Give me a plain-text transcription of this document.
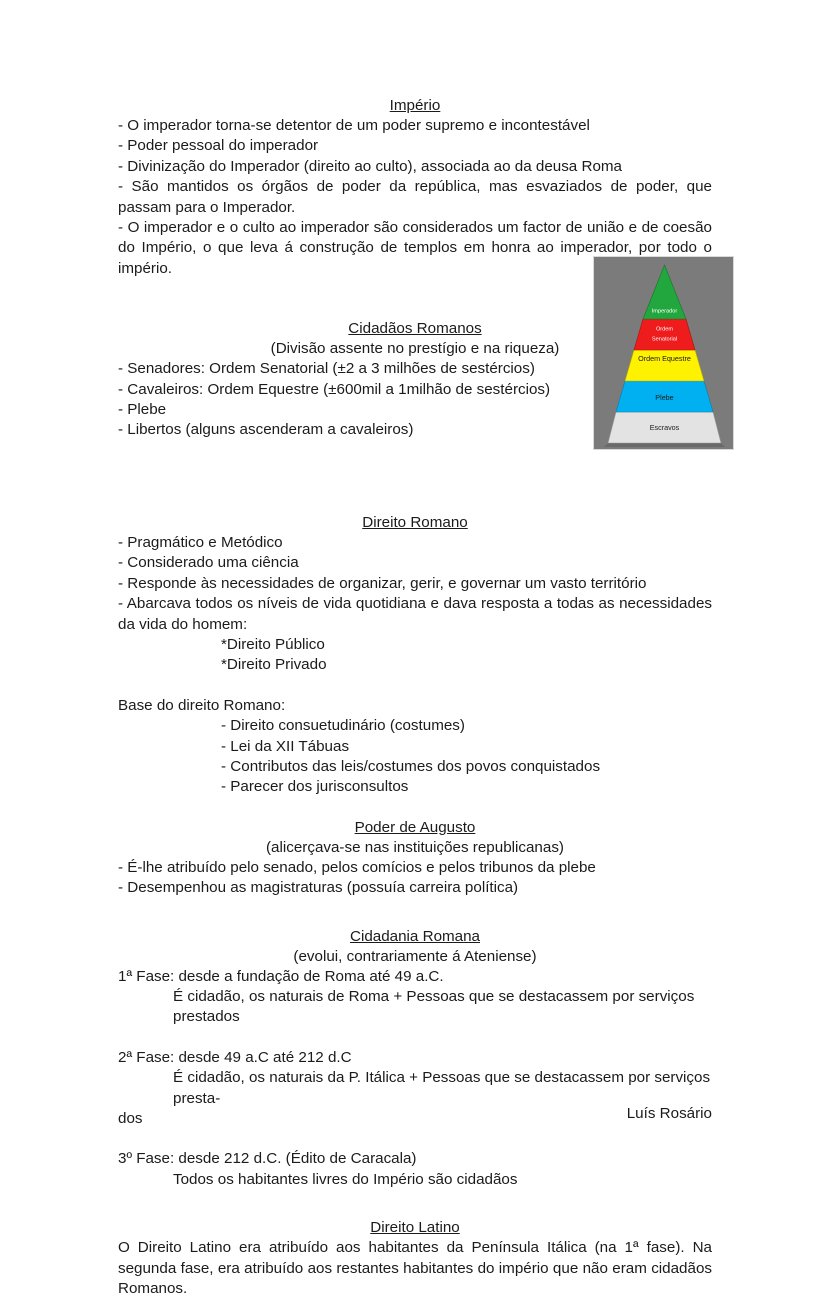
Império

- O imperador torna-se detentor de um poder supremo e incontestável

- Poder pessoal do imperador

- Divinização do Imperador (direito ao culto), associada ao da deusa Roma

- São mantidos os órgãos de poder da república, mas esvaziados de poder, que passam para o Imperador.

- O imperador e o culto ao imperador são considerados um factor de união e de coesão do Império, o que leva á construção de templos em honra ao imperador, por todo o império.

Cidadãos Romanos

(Divisão assente no prestígio e na riqueza)

- Senadores: Ordem Senatorial (±2 a 3 milhões de sestércios)

- Cavaleiros: Ordem Equestre (±600mil a 1milhão de sestércios)

- Plebe

- Libertos (alguns ascenderam a cavaleiros)

Direito Romano

- Pragmático e Metódico

- Considerado uma ciência

- Responde às necessidades de organizar, gerir, e governar um vasto território

- Abarcava todos os níveis de vida quotidiana e dava resposta a todas as necessidades da vida do homem:

*Direito Público

*Direito Privado

Base do direito Romano:

- Direito consuetudinário (costumes)

- Lei da XII Tábuas

- Contributos das leis/costumes dos povos conquistados

- Parecer dos jurisconsultos

Poder de Augusto

(alicerçava-se nas instituições republicanas)

- É-lhe atribuído pelo senado, pelos comícios e pelos tribunos da plebe

- Desempenhou as magistraturas (possuía carreira política)

Cidadania Romana

(evolui, contrariamente á Ateniense)

1ª Fase: desde a fundação de Roma até 49 a.C.

É cidadão, os naturais de Roma + Pessoas que se destacassem por serviços prestados

2ª Fase: desde 49 a.C até 212 d.C

É cidadão, os naturais da P. Itálica + Pessoas que se destacassem por serviços presta-

dos

3º Fase: desde 212 d.C. (Édito de Caracala)

Todos os habitantes livres do Império são cidadãos

Direito Latino

O Direito Latino era atribuído aos habitantes da Península Itálica (na 1ª fase). Na segunda fase, era atribuído aos restantes habitantes do império que não eram cidadãos Romanos.

Imperador
Ordem
Senatorial
Ordem Equestre
Plebe
Escravos
Luís Rosário
